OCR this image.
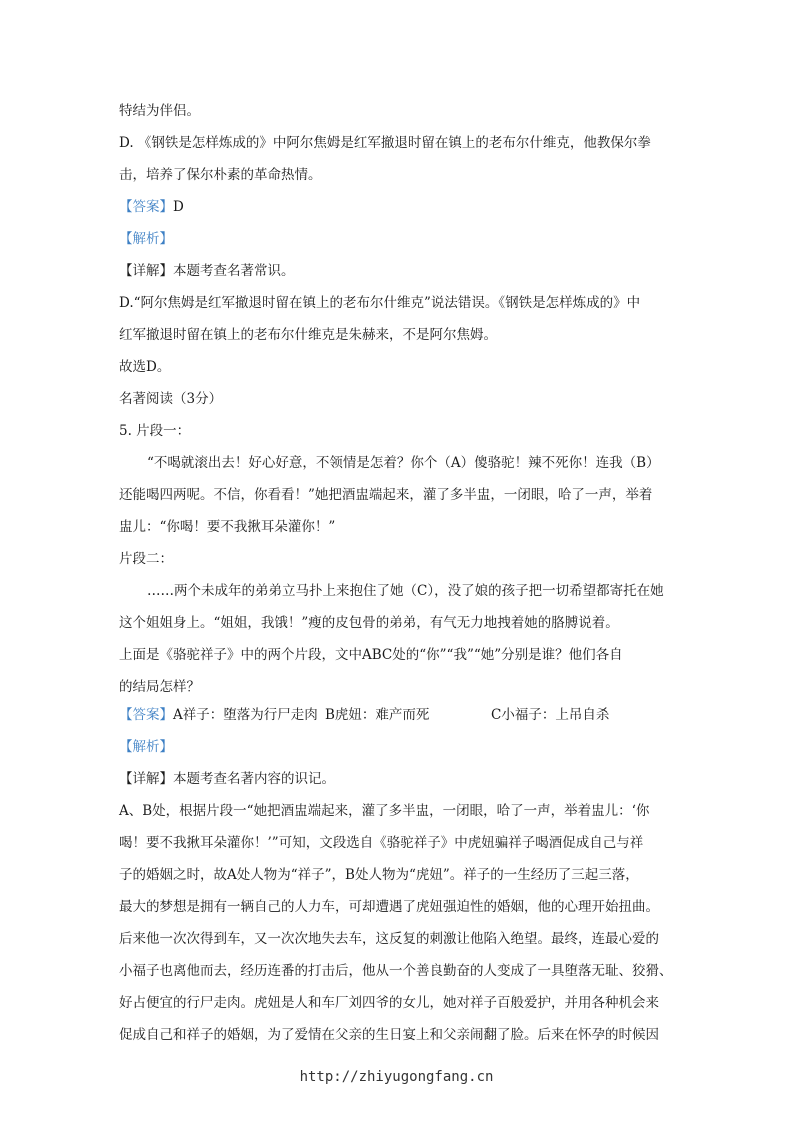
特结为伴侣。
D. 《钢铁是怎样炼成的》中阿尔焦姆是红军撤退时留在镇上的老布尔什维克，他教保尔拳
击，培养了保尔朴素的革命热情。
【答案】D
【解析】
【详解】本题考查名著常识。
D.“阿尔焦姆是红军撤退时留在镇上的老布尔什维克”说法错误。《钢铁是怎样炼成的》中
红军撤退时留在镇上的老布尔什维克是朱赫来，不是阿尔焦姆。
故选D。
名著阅读（3分）
5. 片段一：
“不喝就滚出去！好心好意，不领情是怎着？你个（A）傻骆驼！辣不死你！连我（B）
还能喝四两呢。不信，你看看！”她把酒盅端起来，灌了多半盅，一闭眼，哈了一声，举着
盅儿：“你喝！要不我揪耳朵灌你！”
片段二：
……两个未成年的弟弟立马扑上来抱住了她（C），没了娘的孩子把一切希望都寄托在她
这个姐姐身上。“姐姐，我饿！”瘦的皮包骨的弟弟，有气无力地拽着她的胳膊说着。
上面是《骆驼祥子》中的两个片段，文中ABC处的“你”“我”“她”分别是谁？他们各自
的结局怎样？
【答案】A祥子：堕落为行尸走肉 B虎妞：难产而死	C小福子：上吊自杀
【解析】
【详解】本题考查名著内容的识记。
A、B处，根据片段一“她把酒盅端起来，灌了多半盅，一闭眼，哈了一声，举着盅儿：‘你
喝！要不我揪耳朵灌你！’”可知，文段选自《骆驼祥子》中虎妞骗祥子喝酒促成自己与祥
子的婚姻之时，故A处人物为“祥子”，B处人物为“虎妞”。祥子的一生经历了三起三落，
最大的梦想是拥有一辆自己的人力车，可却遭遇了虎妞强迫性的婚姻，他的心理开始扭曲。
后来他一次次得到车，又一次次地失去车，这反复的刺激让他陷入绝望。最终，连最心爱的
小福子也离他而去，经历连番的打击后，他从一个善良勤奋的人变成了一具堕落无耻、狡猾、
好占便宜的行尸走肉。虎妞是人和车厂刘四爷的女儿，她对祥子百般爱护，并用各种机会来
促成自己和祥子的婚姻，为了爱情在父亲的生日宴上和父亲闹翻了脸。后来在怀孕的时候因
http://zhiyugongfang.cn
